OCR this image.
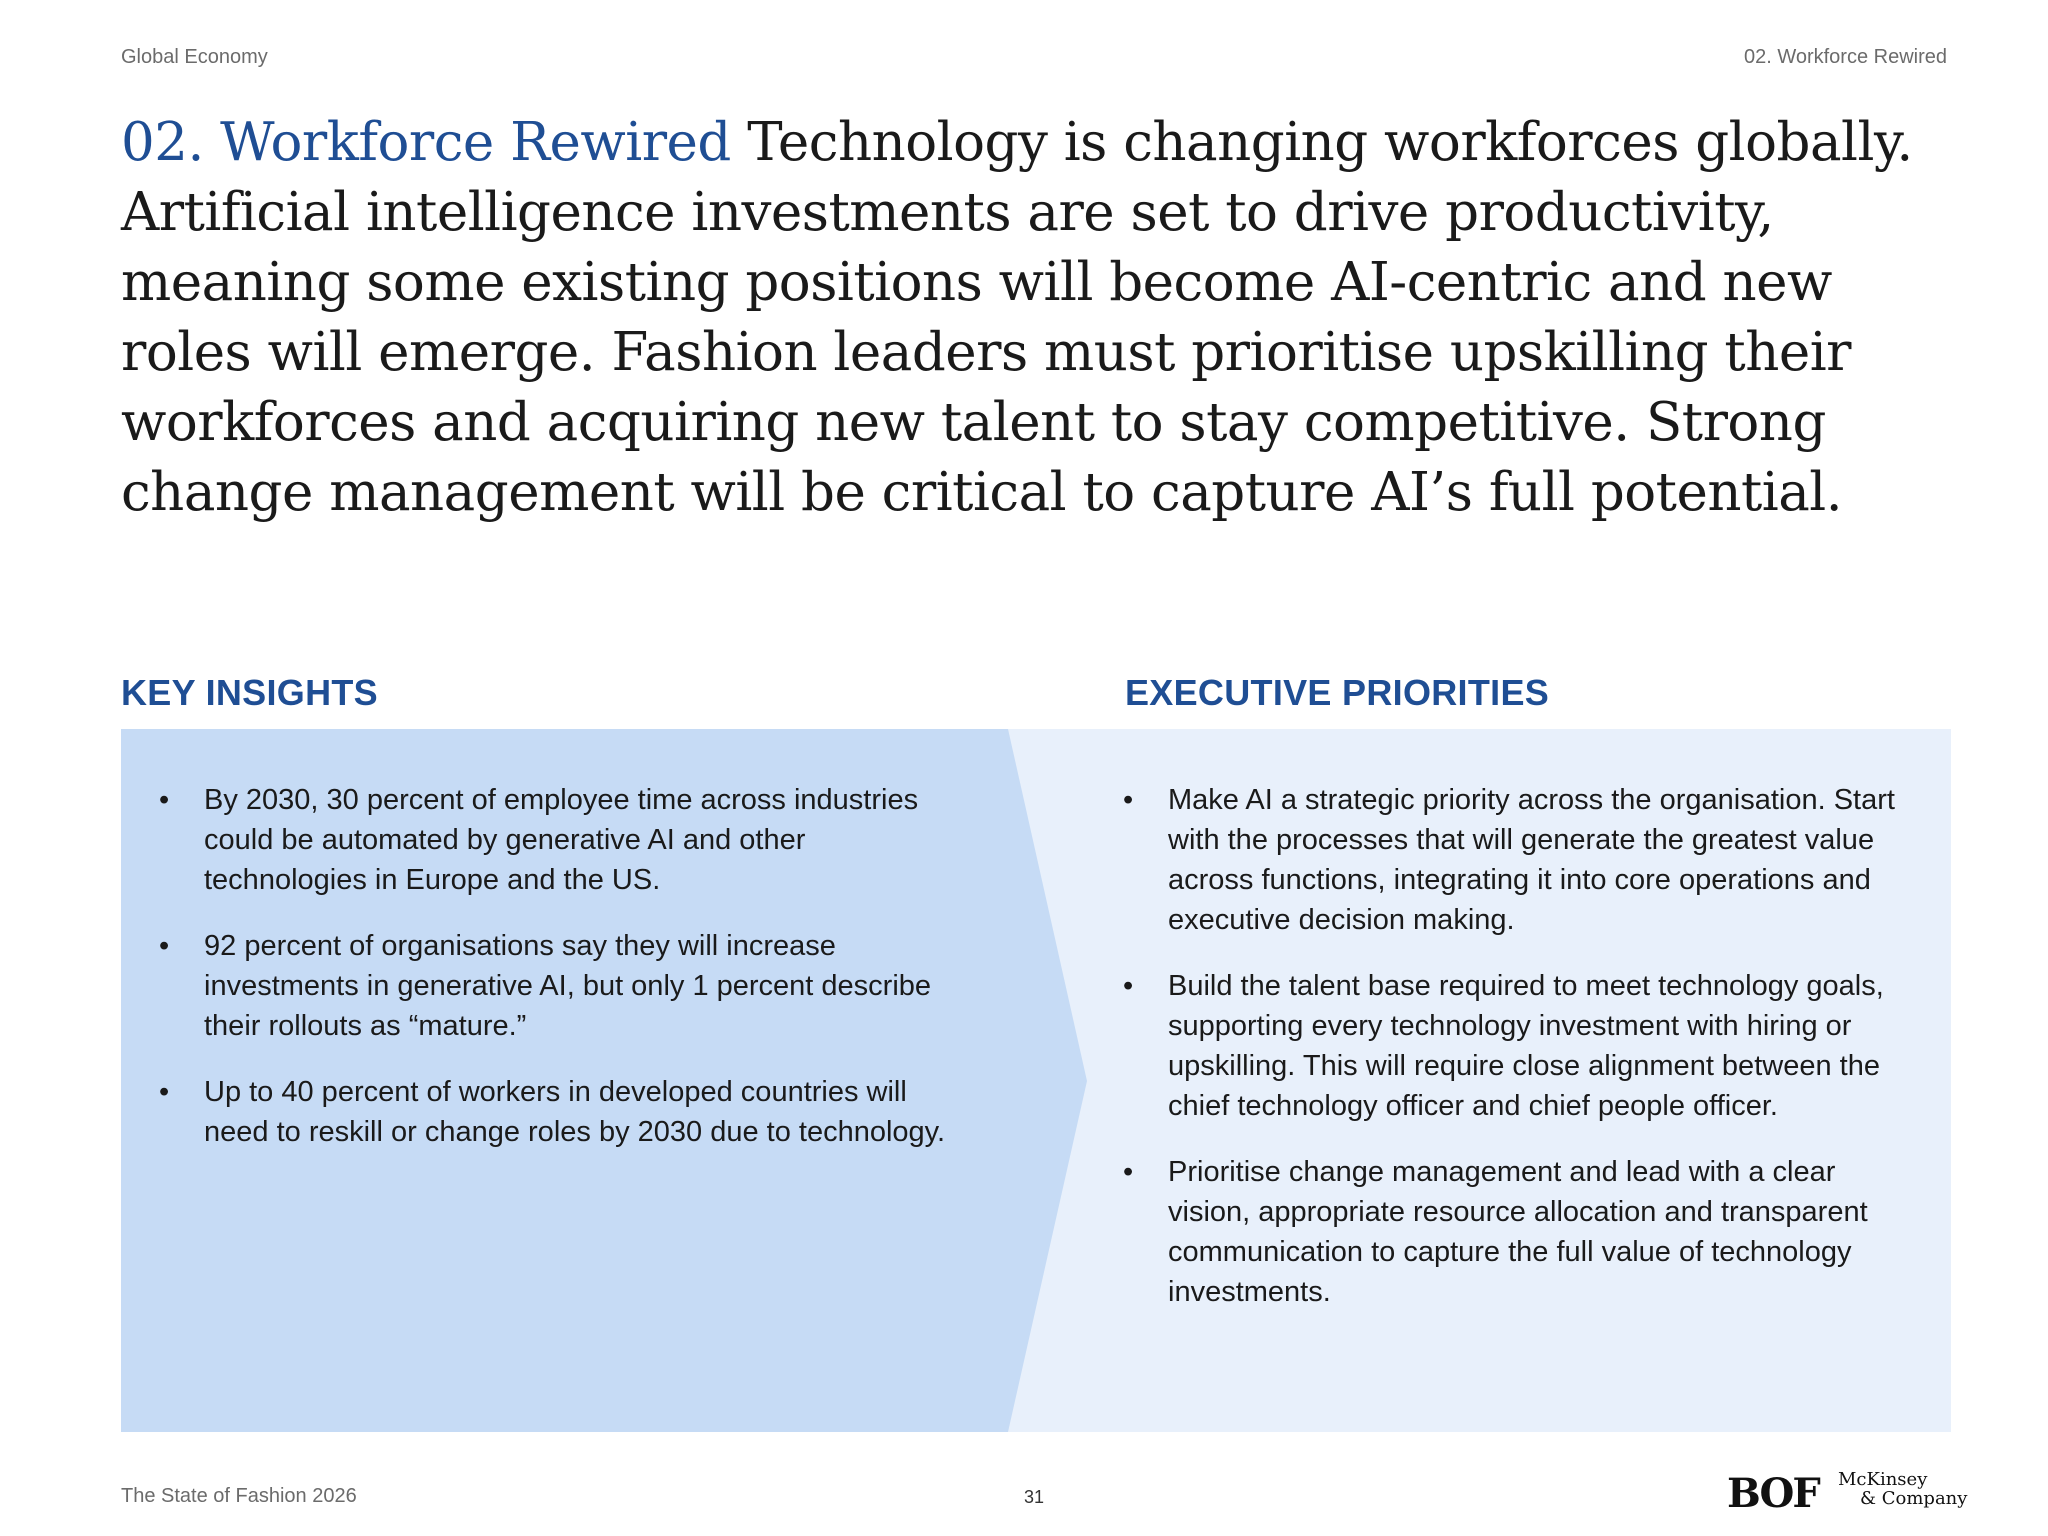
Global Economy	02. Workforce Rewired

02. Workforce Rewired Technology is changing workforces globally. Artificial intelligence investments are set to drive productivity, meaning some existing positions will become AI-centric and new roles will emerge. Fashion leaders must prioritise upskilling their workforces and acquiring new talent to stay competitive. Strong change management will be critical to capture AI’s full potential.

KEY INSIGHTS	EXECUTIVE PRIORITIES
• By 2030, 30 percent of employee time across industries could be automated by generative AI and other technologies in Europe and the US.
• 92 percent of organisations say they will increase investments in generative AI, but only 1 percent describe their rollouts as “mature.”
• Up to 40 percent of workers in developed countries will need to reskill or change roles by 2030 due to technology.
• Make AI a strategic priority across the organisation. Start with the processes that will generate the greatest value across functions, integrating it into core operations and executive decision making.
• Build the talent base required to meet technology goals, supporting every technology investment with hiring or upskilling. This will require close alignment between the chief technology officer and chief people officer.
• Prioritise change management and lead with a clear vision, appropriate resource allocation and transparent communication to capture the full value of technology investments.
The State of Fashion 2026	31	BOF McKinsey
& Company
